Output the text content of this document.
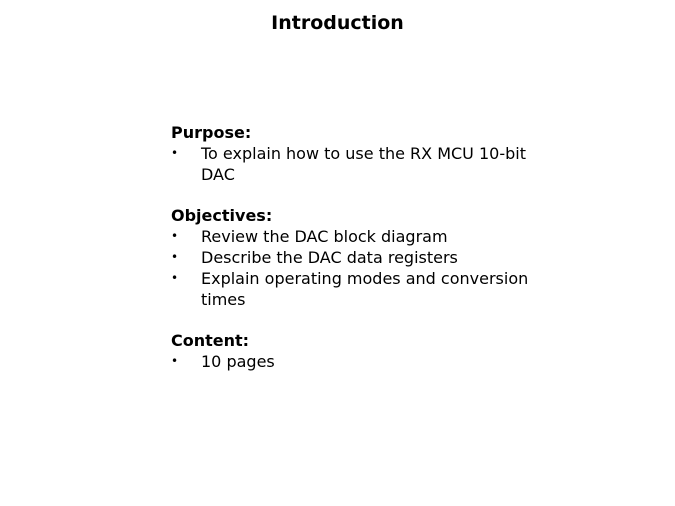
Introduction

Purpose:

• To explain how to use the RX MCU 10-bit DAC

Objectives:

• Review the DAC block diagram
• Describe the DAC data registers
• Explain operating modes and conversion times

Content:

• 10 pages
